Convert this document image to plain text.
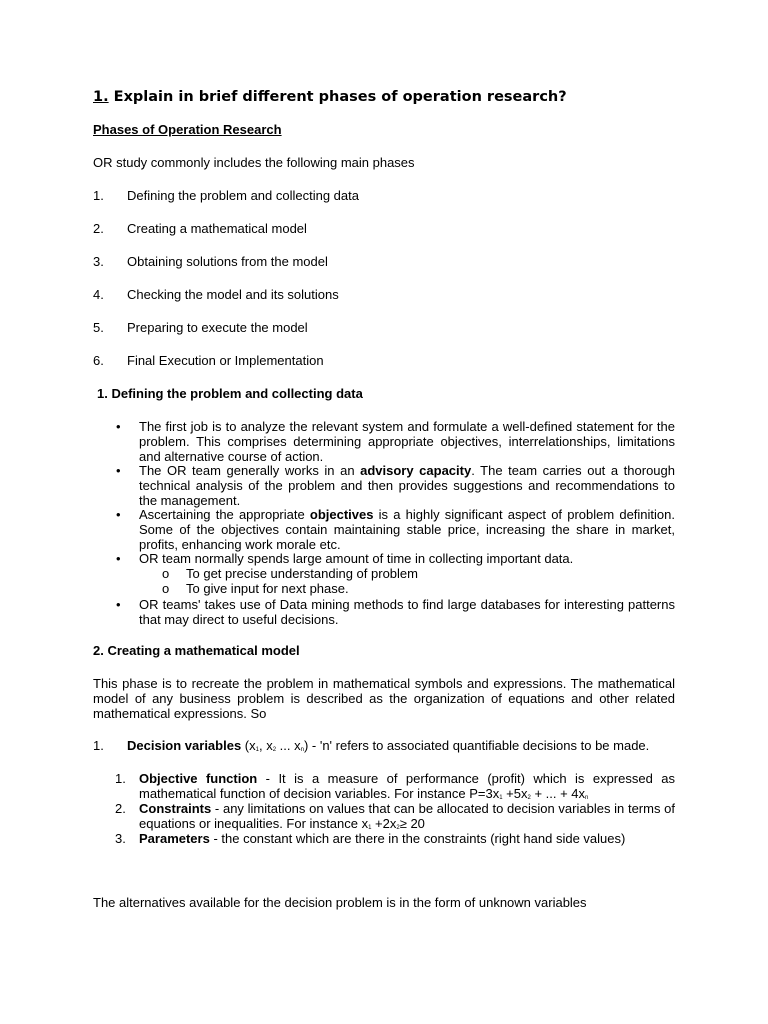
1. Explain in brief different phases of operation research?
Phases of Operation Research
OR study commonly includes the following main phases
1. Defining the problem and collecting data
2. Creating a mathematical model
3. Obtaining solutions from the model
4. Checking the model and its solutions
5. Preparing to execute the model
6. Final Execution or Implementation
1. Defining the problem and collecting data
• The first job is to analyze the relevant system and formulate a well-defined statement for the problem. This comprises determining appropriate objectives, interrelationships, limitations and alternative course of action.
• The OR team generally works in an advisory capacity. The team carries out a thorough technical analysis of the problem and then provides suggestions and recommendations to the management.
• Ascertaining the appropriate objectives is a highly significant aspect of problem definition. Some of the objectives contain maintaining stable price, increasing the share in market, profits, enhancing work morale etc.
• OR team normally spends large amount of time in collecting important data.
o To get precise understanding of problem
o To give input for next phase.
• OR teams' takes use of Data mining methods to find large databases for interesting patterns that may direct to useful decisions.
2. Creating a mathematical model
This phase is to recreate the problem in mathematical symbols and expressions. The mathematical model of any business problem is described as the organization of equations and other related mathematical expressions. So
1. Decision variables ($x_1$, $x_2$ ... $x_n$) - 'n' refers to associated quantifiable decisions to be made.
1. Objective function - It is a measure of performance (profit) which is expressed as mathematical function of decision variables. For instance $P=3x_1 +5x_2$ + ... + $4x_n$
2. Constraints - any limitations on values that can be allocated to decision variables in terms of equations or inequalities. For instance $x_1 +2x_2\ge 20$
3. Parameters - the constant which are there in the constraints (right hand side values)
The alternatives available for the decision problem is in the form of unknown variables
